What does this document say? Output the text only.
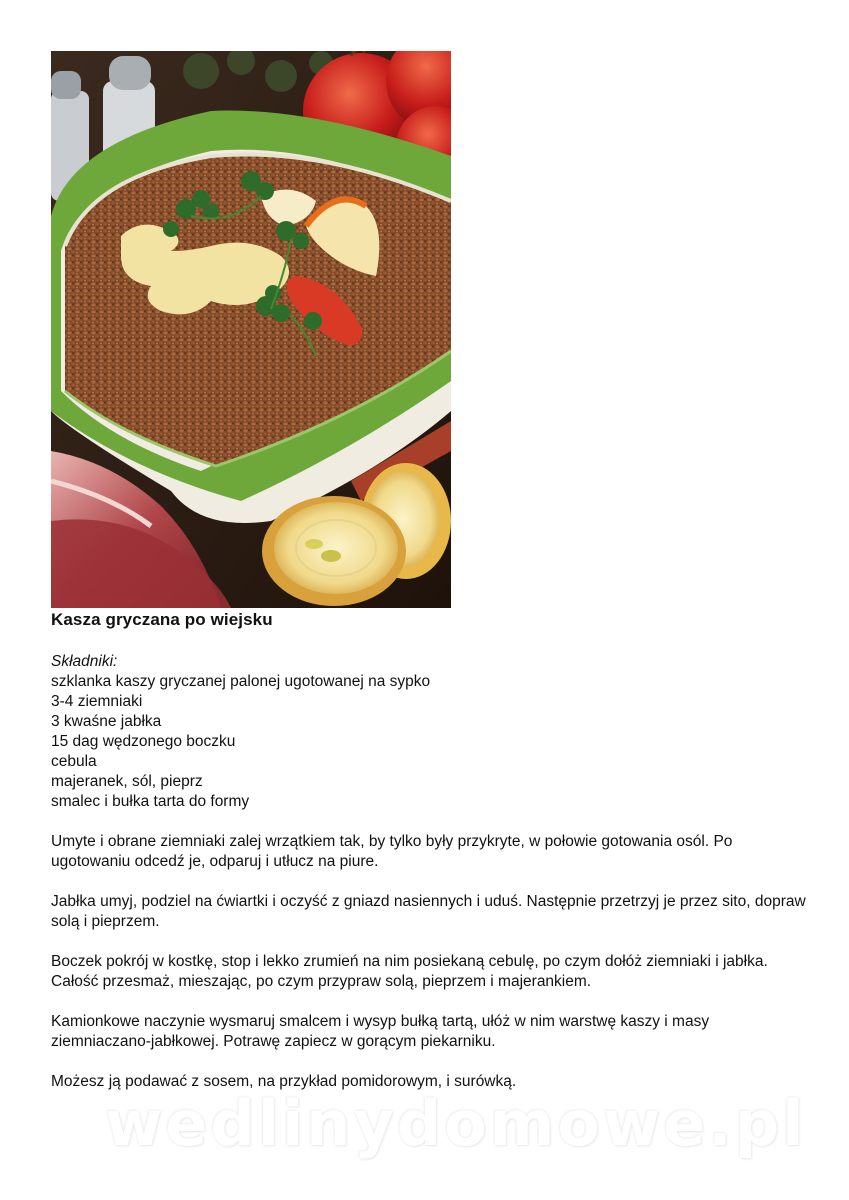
Kasza gryczana po wiejsku
Składniki:
szklanka kaszy gryczanej palonej ugotowanej na sypko
3-4 ziemniaki
3 kwaśne jabłka
15 dag wędzonego boczku
cebula
majeranek, sól, pieprz
smalec i bułka tarta do formy

Umyte i obrane ziemniaki zalej wrzątkiem tak, by tylko były przykryte, w połowie gotowania osól. Po ugotowaniu odcedź je, odparuj i utłucz na piure.

Jabłka umyj, podziel na ćwiartki i oczyść z gniazd nasiennych i uduś. Następnie przetrzyj je przez sito, dopraw solą i pieprzem.

Boczek pokrój w kostkę, stop i lekko zrumień na nim posiekaną cebulę, po czym dołóż ziemniaki i jabłka. Całość przesmaż, mieszając, po czym przypraw solą, pieprzem i majerankiem.

Kamionkowe naczynie wysmaruj smalcem i wysyp bułką tartą, ułóż w nim warstwę kaszy i masy ziemniaczano-jabłkowej. Potrawę zapiecz w gorącym piekarniku.

Możesz ją podawać z sosem, na przykład pomidorowym, i surówką.

wedlinydomowe.pl
